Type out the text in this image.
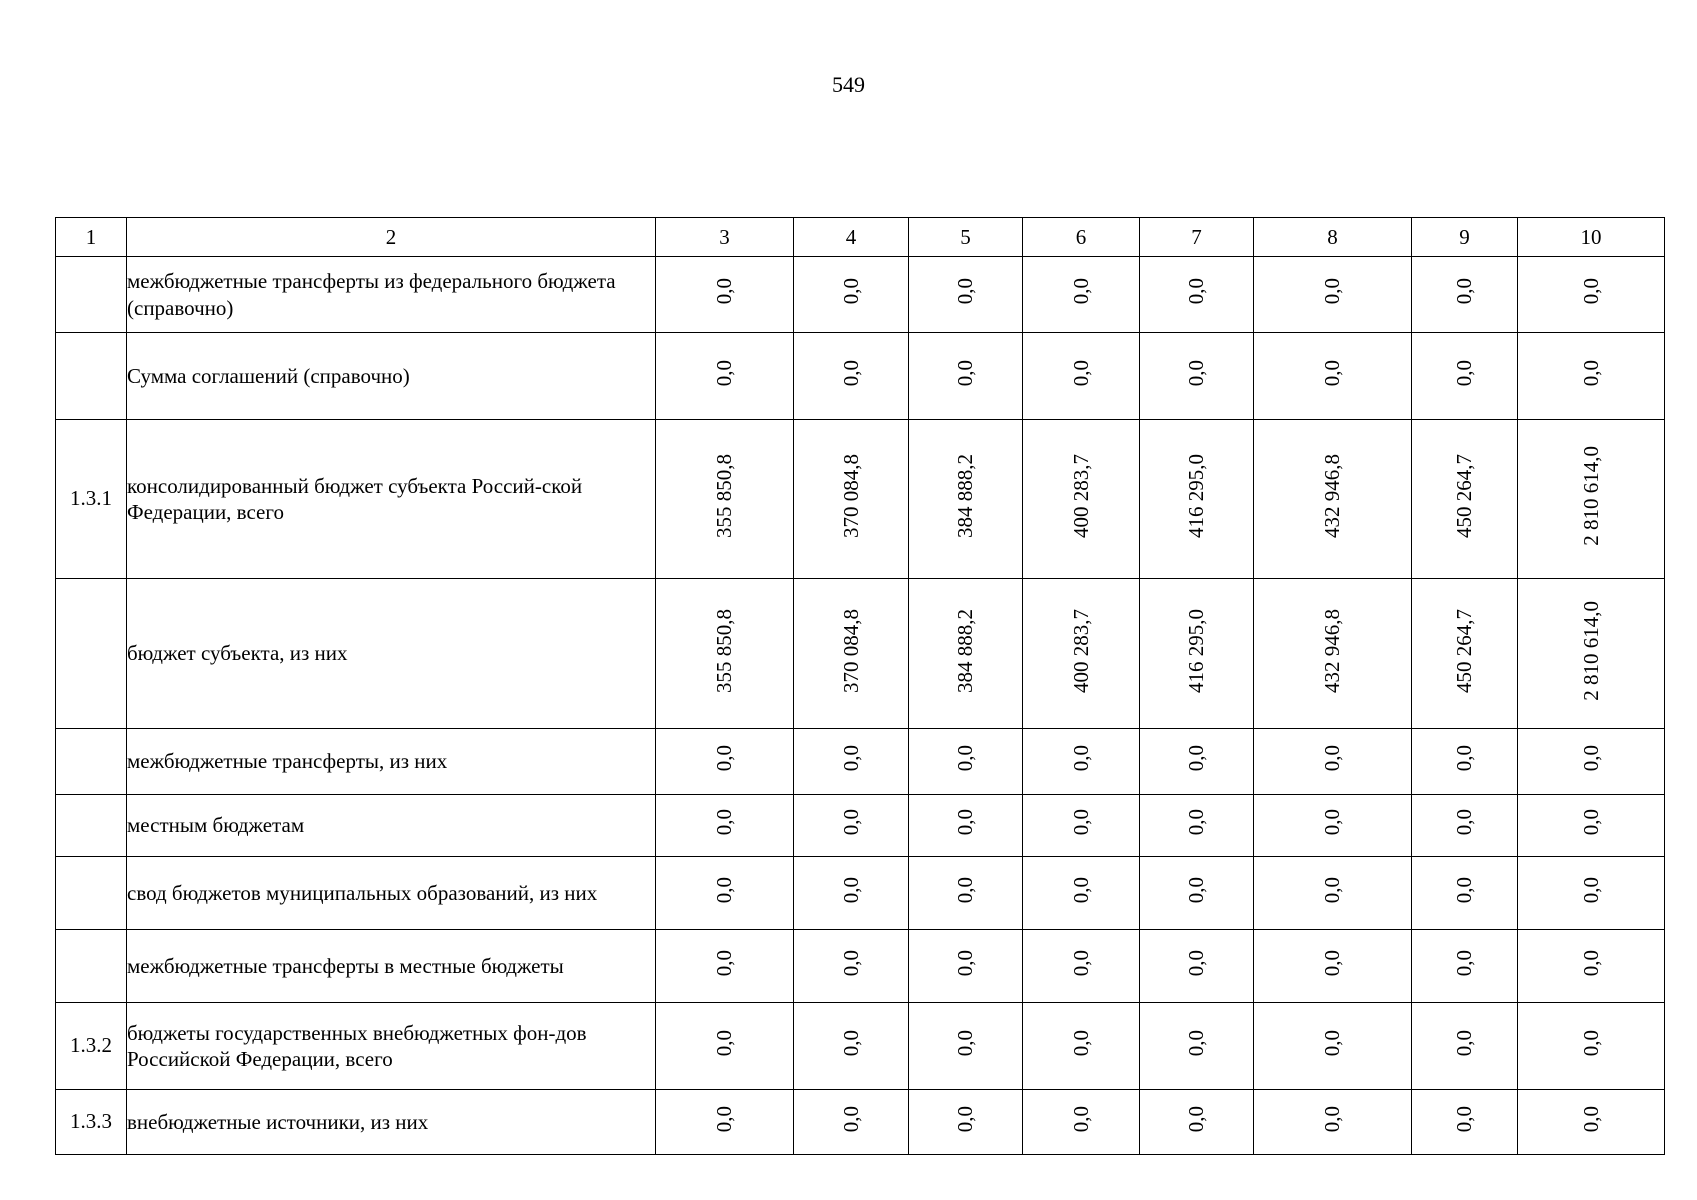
549
1	2	3	4	5	6	7	8	9	10
	межбюджетные трансферты из федерального бюджета (справочно)	0,0	0,0	0,0	0,0	0,0	0,0	0,0	0,0
	Сумма соглашений (справочно)	0,0	0,0	0,0	0,0	0,0	0,0	0,0	0,0
1.3.1	консолидированный бюджет субъекта Россий-ской Федерации, всего	355 850,8	370 084,8	384 888,2	400 283,7	416 295,0	432 946,8	450 264,7	2 810 614,0
	бюджет субъекта, из них	355 850,8	370 084,8	384 888,2	400 283,7	416 295,0	432 946,8	450 264,7	2 810 614,0
	межбюджетные трансферты, из них	0,0	0,0	0,0	0,0	0,0	0,0	0,0	0,0
	местным бюджетам	0,0	0,0	0,0	0,0	0,0	0,0	0,0	0,0
	свод бюджетов муниципальных образований, из них	0,0	0,0	0,0	0,0	0,0	0,0	0,0	0,0
	межбюджетные трансферты в местные бюджеты	0,0	0,0	0,0	0,0	0,0	0,0	0,0	0,0
1.3.2	бюджеты государственных внебюджетных фон-дов Российской Федерации, всего	0,0	0,0	0,0	0,0	0,0	0,0	0,0	0,0
1.3.3	внебюджетные источники, из них	0,0	0,0	0,0	0,0	0,0	0,0	0,0	0,0
